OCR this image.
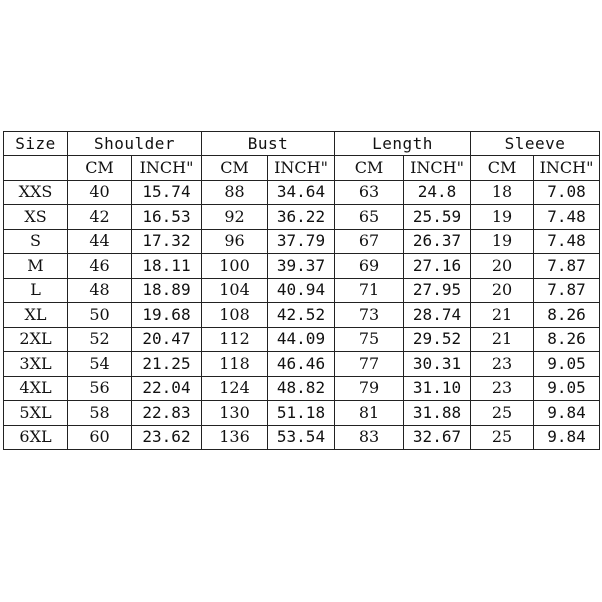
Size	Shoulder		Bust		Length		Sleeve	
	CM	INCH"	CM	INCH"	CM	INCH"	CM	INCH"
XXS	40	15.74	88	34.64	63	24.8	18	7.08
XS	42	16.53	92	36.22	65	25.59	19	7.48
S	44	17.32	96	37.79	67	26.37	19	7.48
M	46	18.11	100	39.37	69	27.16	20	7.87
L	48	18.89	104	40.94	71	27.95	20	7.87
XL	50	19.68	108	42.52	73	28.74	21	8.26
2XL	52	20.47	112	44.09	75	29.52	21	8.26
3XL	54	21.25	118	46.46	77	30.31	23	9.05
4XL	56	22.04	124	48.82	79	31.10	23	9.05
5XL	58	22.83	130	51.18	81	31.88	25	9.84
6XL	60	23.62	136	53.54	83	32.67	25	9.84
